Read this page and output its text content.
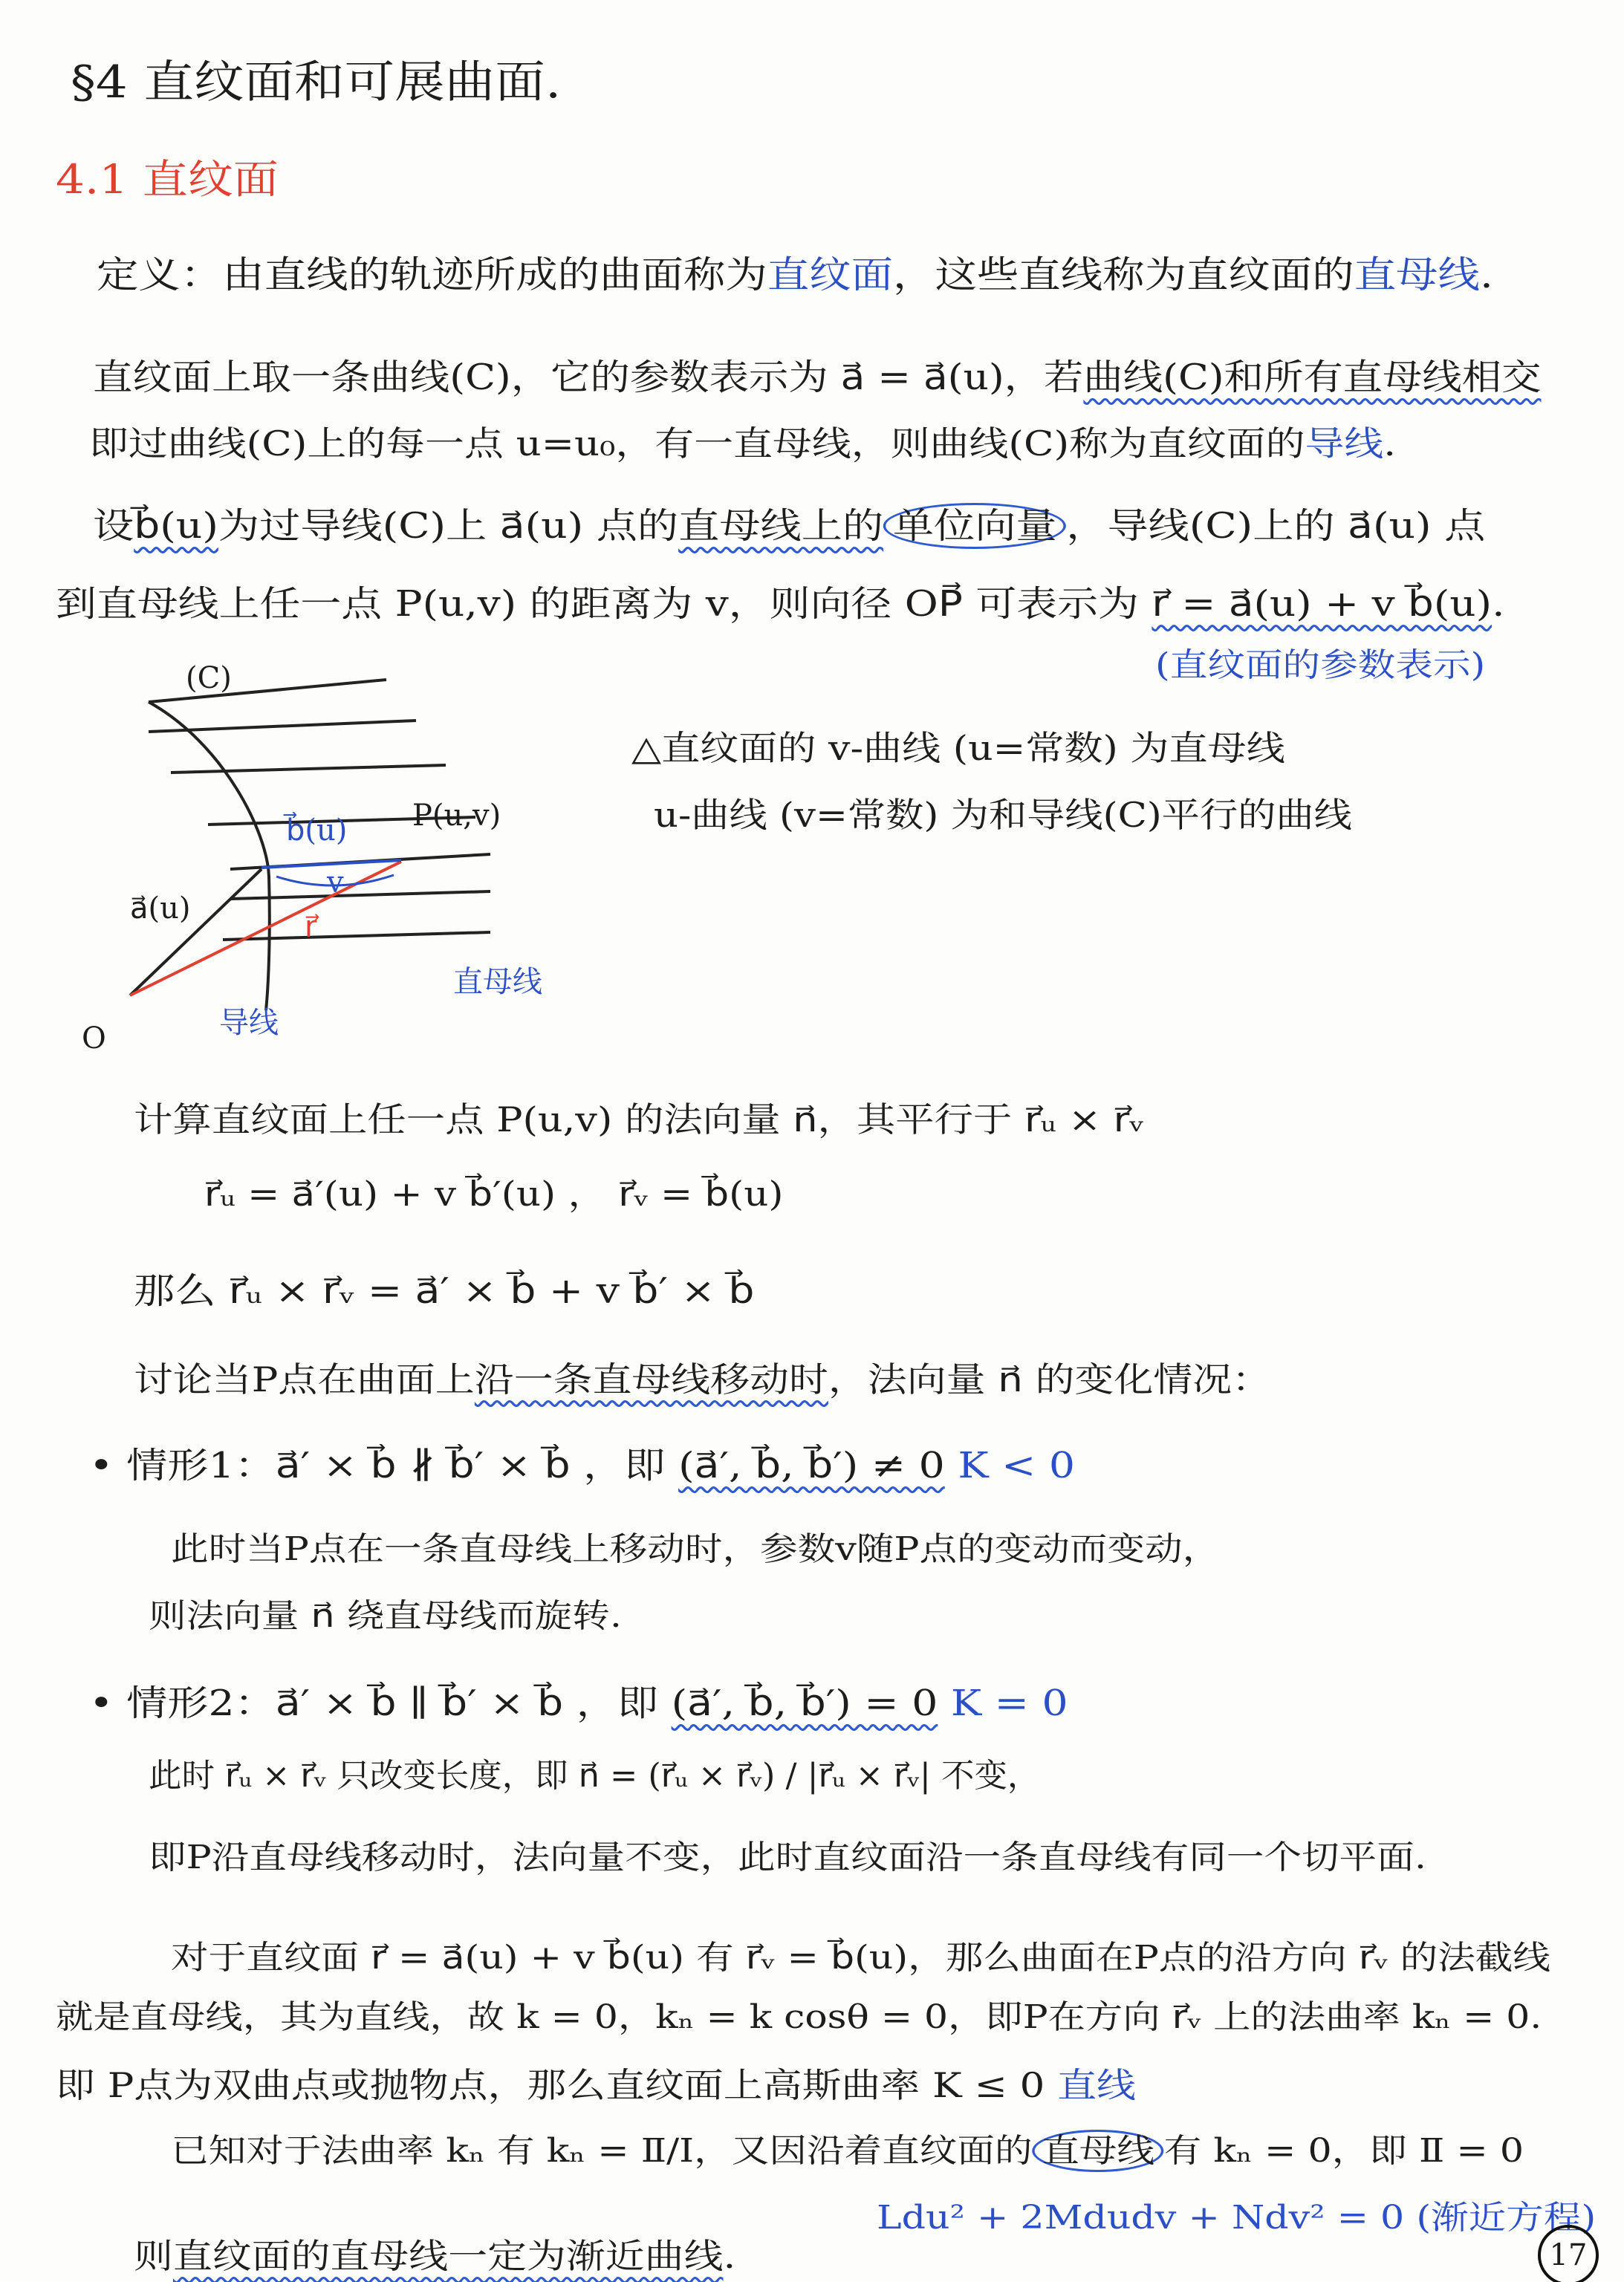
(C)
b⃗(u) P(u,v)
a⃗(u)
v
r⃗
导线
直母线
O
§4 直纹面和可展曲面.
4.1 直纹面
定义：由直线的轨迹所成的曲面称为直纹面，这些直线称为直纹面的直母线.
直纹面上取一条曲线(C)，它的参数表示为 a⃗ = a⃗(u)，若曲线(C)和所有直母线相交
即过曲线(C)上的每一点 u=u₀，有一直母线，则曲线(C)称为直纹面的导线.
设b⃗(u)为过导线(C)上 a⃗(u) 点的直母线上的 单位向量 ，导线(C)上的 a⃗(u) 点
到直母线上任一点 P(u,v) 的距离为 v，则向径 OP⃗ 可表示为 r⃗ = a⃗(u) + v b⃗(u).
(直纹面的参数表示)
△直纹面的 v-曲线 (u=常数) 为直母线
u-曲线 (v=常数) 为和导线(C)平行的曲线
计算直纹面上任一点 P(u,v) 的法向量 n⃗，其平行于 r⃗ᵤ × r⃗ᵥ
r⃗ᵤ = a⃗′(u) + v b⃗′(u) ， r⃗ᵥ = b⃗(u)
那么 r⃗ᵤ × r⃗ᵥ = a⃗′ × b⃗ + v b⃗′ × b⃗
讨论当P点在曲面上沿一条直母线移动时，法向量 n⃗ 的变化情况：
• 情形1：a⃗′ × b⃗ ∦ b⃗′ × b⃗ ，即 (a⃗′, b⃗, b⃗′) ≠ 0 K < 0
此时当P点在一条直母线上移动时，参数v随P点的变动而变动，
则法向量 n⃗ 绕直母线而旋转.
• 情形2：a⃗′ × b⃗ ∥ b⃗′ × b⃗ ，即 (a⃗′, b⃗, b⃗′) = 0 K = 0
此时 r⃗ᵤ × r⃗ᵥ 只改变长度，即 n⃗ = (r⃗ᵤ × r⃗ᵥ) / |r⃗ᵤ × r⃗ᵥ| 不变，
即P沿直母线移动时，法向量不变，此时直纹面沿一条直母线有同一个切平面.
对于直纹面 r⃗ = a⃗(u) + v b⃗(u) 有 r⃗ᵥ = b⃗(u)，那么曲面在P点的沿方向 r⃗ᵥ 的法截线
就是直母线，其为直线，故 k = 0，kₙ = k cosθ = 0，即P在方向 r⃗ᵥ 上的法曲率 kₙ = 0.
即 P点为双曲点或抛物点，那么直纹面上高斯曲率 K ≤ 0 直线
已知对于法曲率 kₙ 有 kₙ = Ⅱ/Ⅰ，又因沿着直纹面的 直母线 有 kₙ = 0，即 Ⅱ = 0
Ldu² + 2Mdudv + Ndv² = 0 (渐近方程)
则直纹面的直母线一定为渐近曲线.	17
